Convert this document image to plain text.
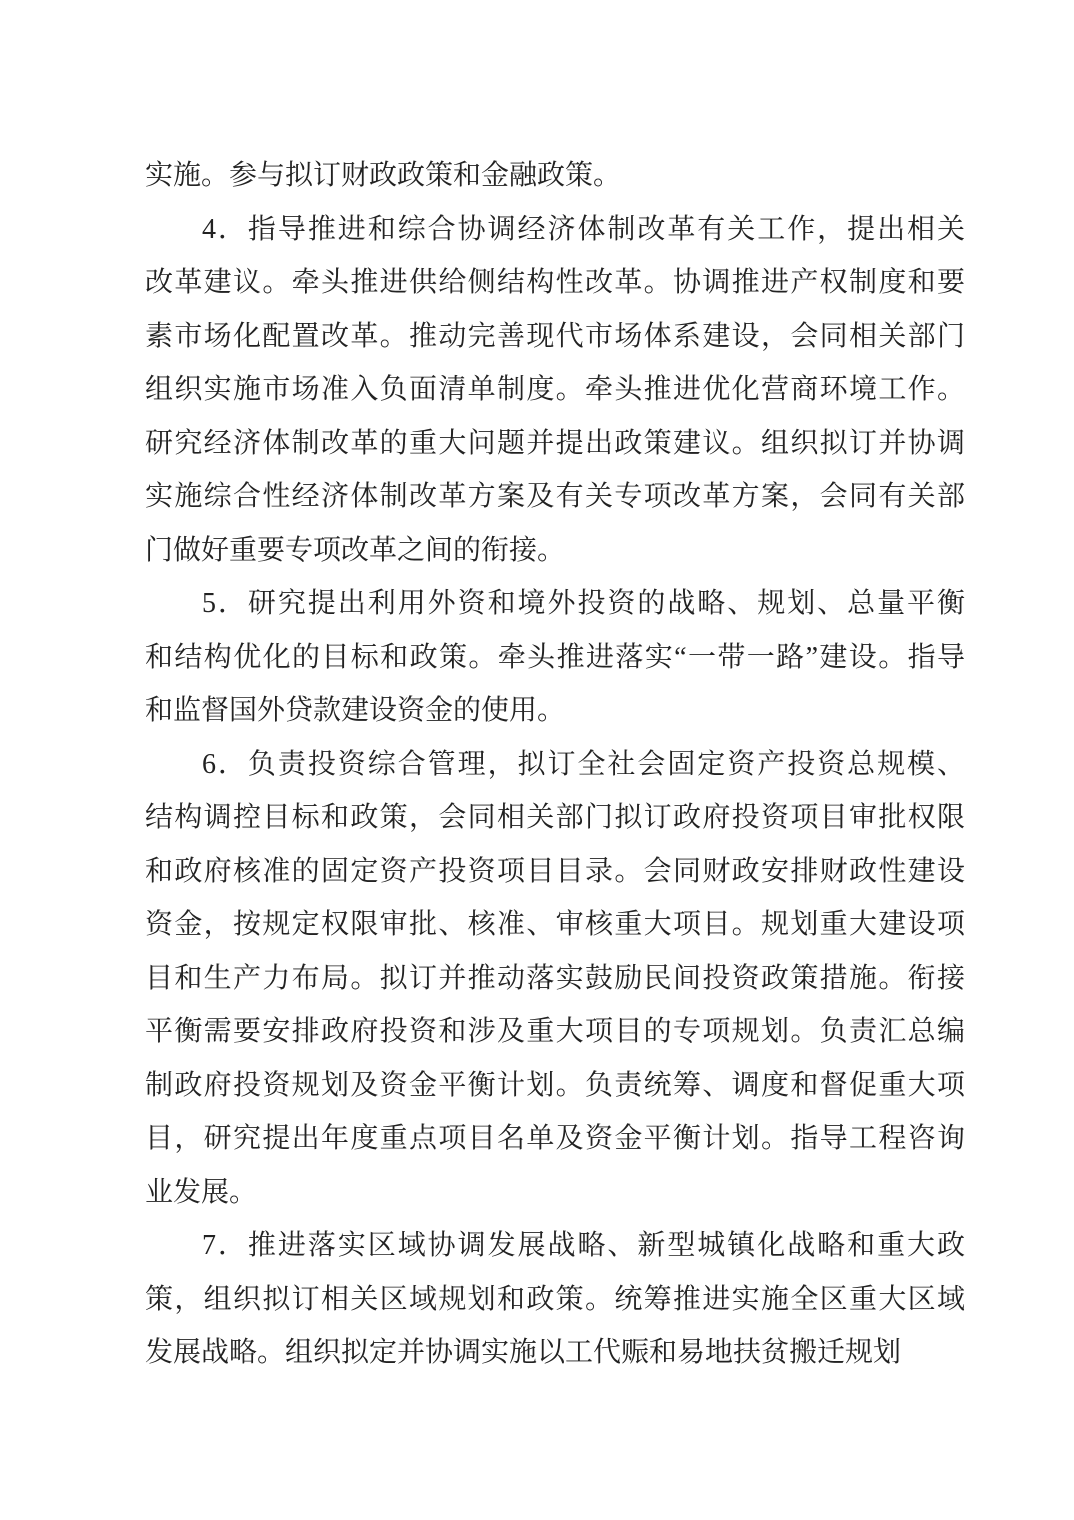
实施。参与拟订财政政策和金融政策。
4．指导推进和综合协调经济体制改革有关工作，提出相关
改革建议。牵头推进供给侧结构性改革。协调推进产权制度和要
素市场化配置改革。推动完善现代市场体系建设，会同相关部门
组织实施市场准入负面清单制度。牵头推进优化营商环境工作。
研究经济体制改革的重大问题并提出政策建议。组织拟订并协调
实施综合性经济体制改革方案及有关专项改革方案，会同有关部
门做好重要专项改革之间的衔接。
5．研究提出利用外资和境外投资的战略、规划、总量平衡
和结构优化的目标和政策。牵头推进落实“一带一路”建设。指导
和监督国外贷款建设资金的使用。
6．负责投资综合管理，拟订全社会固定资产投资总规模、
结构调控目标和政策，会同相关部门拟订政府投资项目审批权限
和政府核准的固定资产投资项目目录。会同财政安排财政性建设
资金，按规定权限审批、核准、审核重大项目。规划重大建设项
目和生产力布局。拟订并推动落实鼓励民间投资政策措施。衔接
平衡需要安排政府投资和涉及重大项目的专项规划。负责汇总编
制政府投资规划及资金平衡计划。负责统筹、调度和督促重大项
目，研究提出年度重点项目名单及资金平衡计划。指导工程咨询
业发展。
7．推进落实区域协调发展战略、新型城镇化战略和重大政
策，组织拟订相关区域规划和政策。统筹推进实施全区重大区域
发展战略。组织拟定并协调实施以工代赈和易地扶贫搬迁规划
